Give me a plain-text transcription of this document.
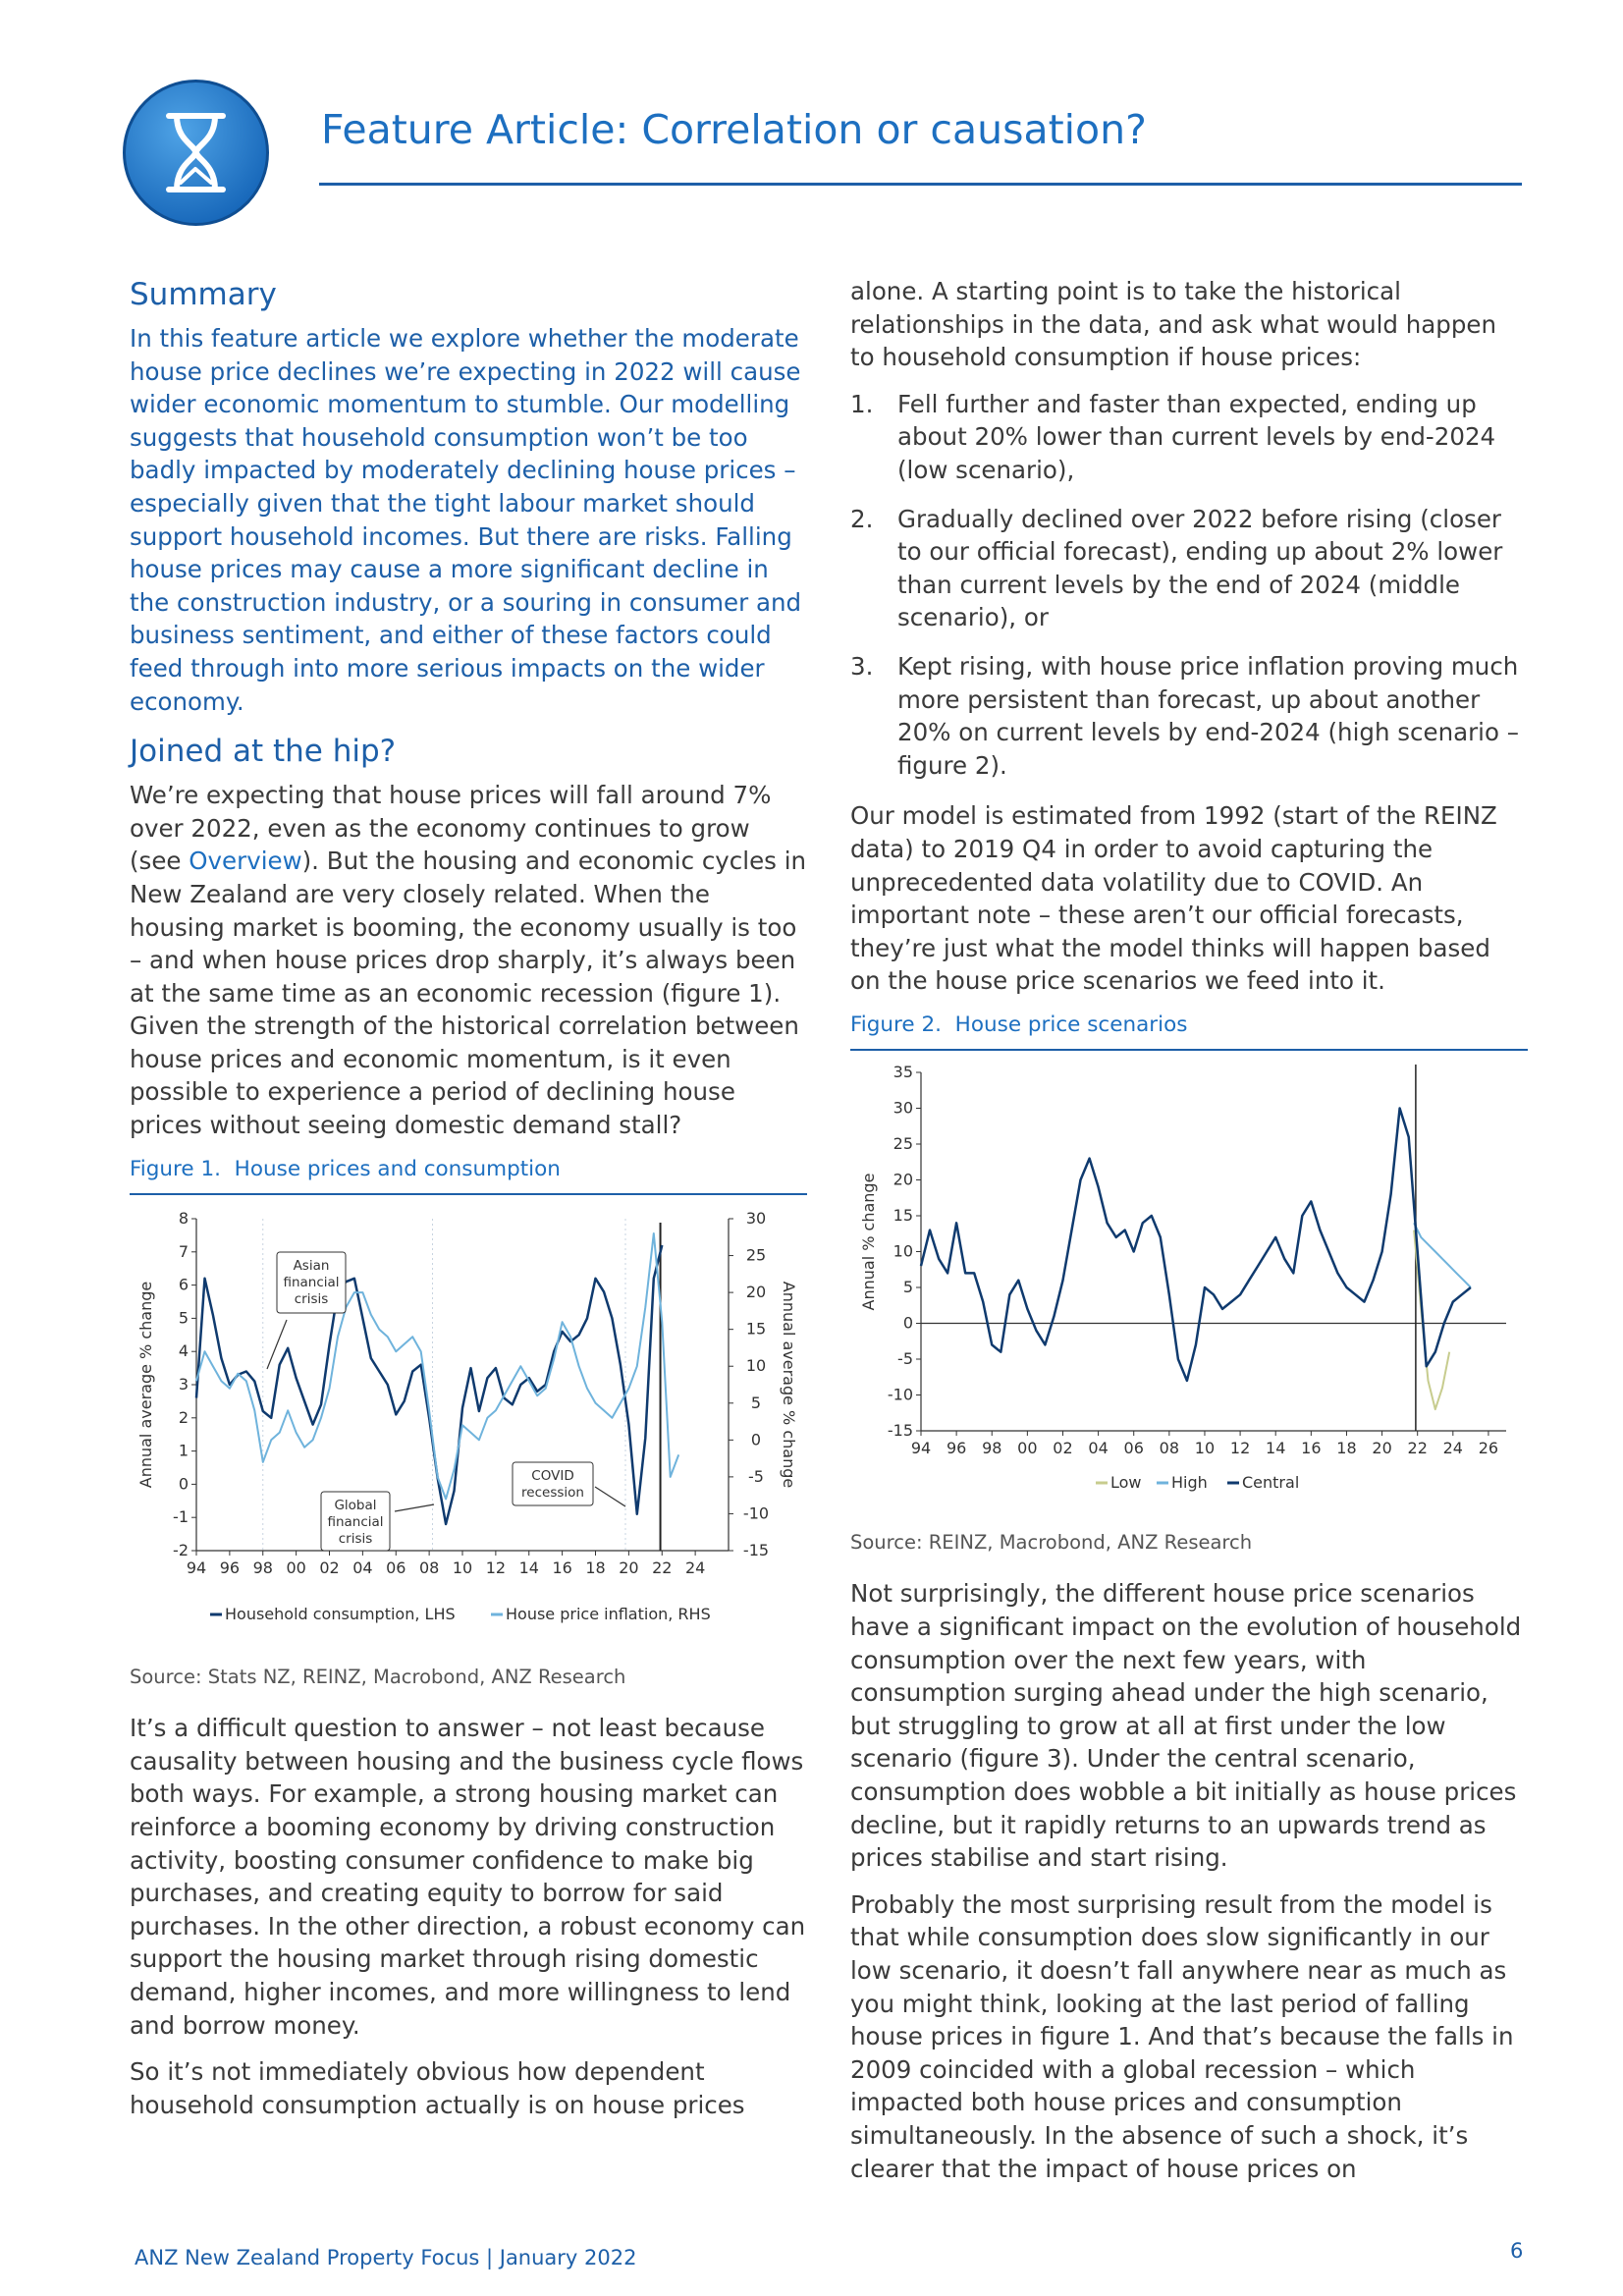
Feature Article: Correlation or causation?
Summary

In this feature article we explore whether the moderate house price declines we’re expecting in 2022 will cause wider economic momentum to stumble. Our modelling suggests that household consumption won’t be too badly impacted by moderately declining house prices – especially given that the tight labour market should support household incomes. But there are risks. Falling house prices may cause a more significant decline in the construction industry, or a souring in consumer and business sentiment, and either of these factors could feed through into more serious impacts on the wider economy.

Joined at the hip?

We’re expecting that house prices will fall around 7% over 2022, even as the economy continues to grow (see Overview). But the housing and economic cycles in New Zealand are very closely related. When the housing market is booming, the economy usually is too – and when house prices drop sharply, it’s always been at the same time as an economic recession (figure 1). Given the strength of the historical correlation between house prices and economic momentum, is it even possible to experience a period of declining house prices without seeing domestic demand stall?

Figure 1. House prices and consumption
8
7
6
5
4
3
2
1
0
-1
-2
30
25
20
15
10
5
0
-5
-10
-15
94 96 98 00 02 04 06 08 10 12 14 16 18 20 22 24
Annual average % change	Annual average % change
Asian
financial
crisis
Global
financial
crisis
COVID
recession
Household consumption, LHS	House price inflation, RHS
Source: Stats NZ, REINZ, Macrobond, ANZ Research

It’s a difficult question to answer – not least because causality between housing and the business cycle flows both ways. For example, a strong housing market can reinforce a booming economy by driving construction activity, boosting consumer confidence to make big purchases, and creating equity to borrow for said purchases. In the other direction, a robust economy can support the housing market through rising domestic demand, higher incomes, and more willingness to lend and borrow money.

So it’s not immediately obvious how dependent household consumption actually is on house prices

alone. A starting point is to take the historical relationships in the data, and ask what would happen to household consumption if house prices:

1. Fell further and faster than expected, ending up about 20% lower than current levels by end-2024 (low scenario),
2. Gradually declined over 2022 before rising (closer to our official forecast), ending up about 2% lower than current levels by the end of 2024 (middle scenario), or
3. Kept rising, with house price inflation proving much more persistent than forecast, up about another 20% on current levels by end-2024 (high scenario – figure 2).

Our model is estimated from 1992 (start of the REINZ data) to 2019 Q4 in order to avoid capturing the unprecedented data volatility due to COVID. An important note – these aren’t our official forecasts, they’re just what the model thinks will happen based on the house price scenarios we feed into it.

Figure 2. House price scenarios
35
30
25
20
15
10
5
0
-5
-10
-15
94 96 98 00 02 04 06 08 10 12 14 16 18 20 22 24 26
Annual % change
Low High Central
Source: REINZ, Macrobond, ANZ Research

Not surprisingly, the different house price scenarios have a significant impact on the evolution of household consumption over the next few years, with consumption surging ahead under the high scenario, but struggling to grow at all at first under the low scenario (figure 3). Under the central scenario, consumption does wobble a bit initially as house prices decline, but it rapidly returns to an upwards trend as prices stabilise and start rising.

Probably the most surprising result from the model is that while consumption does slow significantly in our low scenario, it doesn’t fall anywhere near as much as you might think, looking at the last period of falling house prices in figure 1. And that’s because the falls in 2009 coincided with a global recession – which impacted both house prices and consumption simultaneously. In the absence of such a shock, it’s clearer that the impact of house prices on

ANZ New Zealand Property Focus | January 2022	6
